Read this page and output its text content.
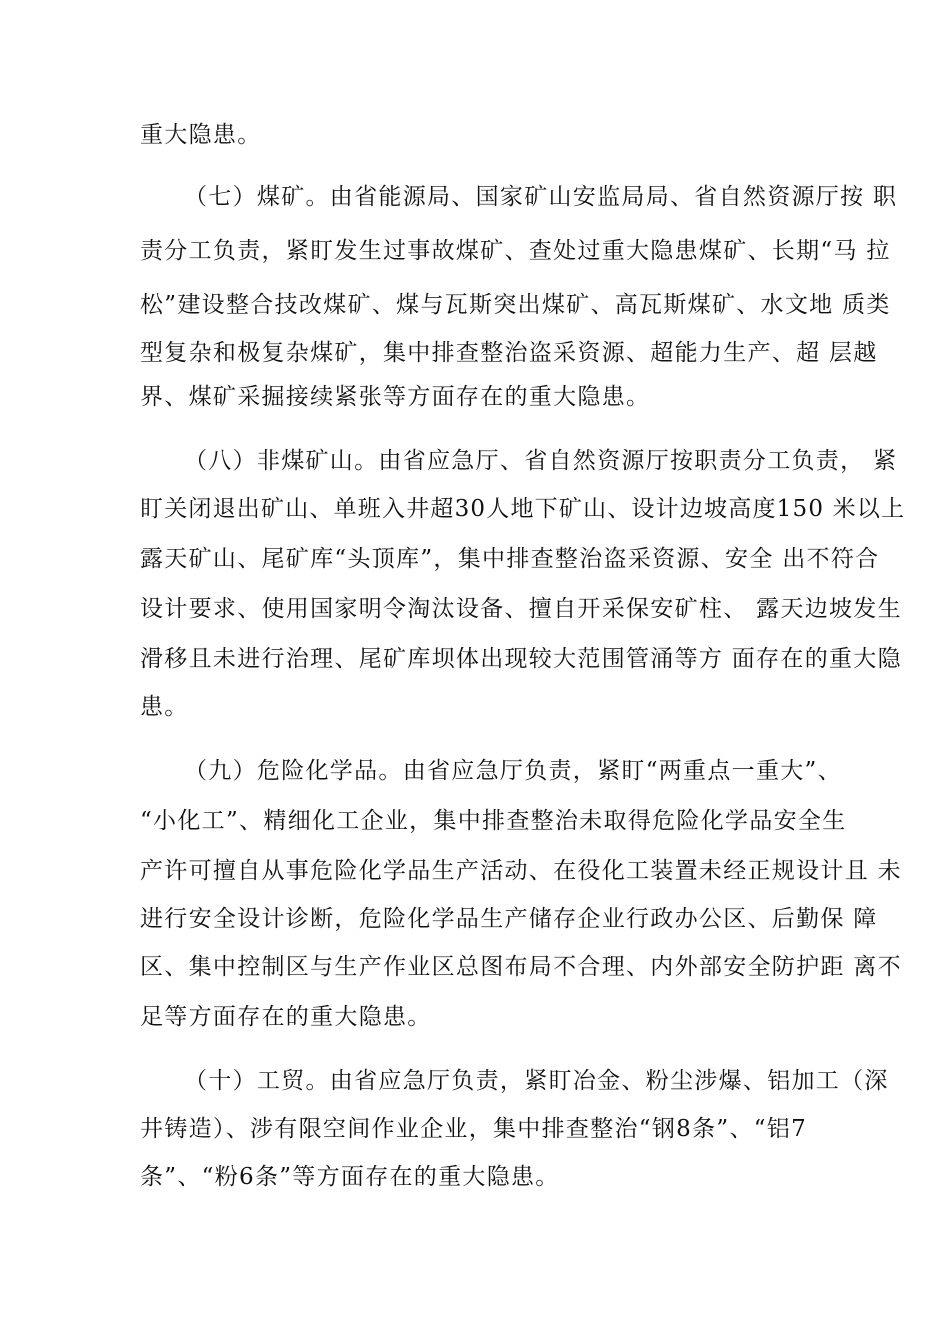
重大隐患。
（七）煤矿。由省能源局、国家矿山安监局局、省自然资源厅按 职
责分工负责，紧盯发生过事故煤矿、查处过重大隐患煤矿、长期“马 拉
松”建设整合技改煤矿、煤与瓦斯突出煤矿、高瓦斯煤矿、水文地 质类
型复杂和极复杂煤矿，集中排查整治盗采资源、超能力生产、超 层越
界、煤矿采掘接续紧张等方面存在的重大隐患。
（八）非煤矿山。由省应急厅、省自然资源厅按职责分工负责， 紧
盯关闭退出矿山、单班入井超30人地下矿山、设计边坡高度150 米以上
露天矿山、尾矿库“头顶库”，集中排查整治盗采资源、安全 出不符合
设计要求、使用国家明令淘汰设备、擅自开采保安矿柱、 露天边坡发生
滑移且未进行治理、尾矿库坝体出现较大范围管涌等方 面存在的重大隐
患。
（九）危险化学品。由省应急厅负责，紧盯“两重点一重大”、
“小化工”、精细化工企业，集中排查整治未取得危险化学品安全生
产许可擅自从事危险化学品生产活动、在役化工装置未经正规设计且 未
进行安全设计诊断，危险化学品生产储存企业行政办公区、后勤保 障
区、集中控制区与生产作业区总图布局不合理、内外部安全防护距 离不
足等方面存在的重大隐患。
（十）工贸。由省应急厅负责，紧盯冶金、粉尘涉爆、铝加工（深
井铸造）、涉有限空间作业企业，集中排查整治“钢8条”、“铝7
条”、“粉6条”等方面存在的重大隐患。
